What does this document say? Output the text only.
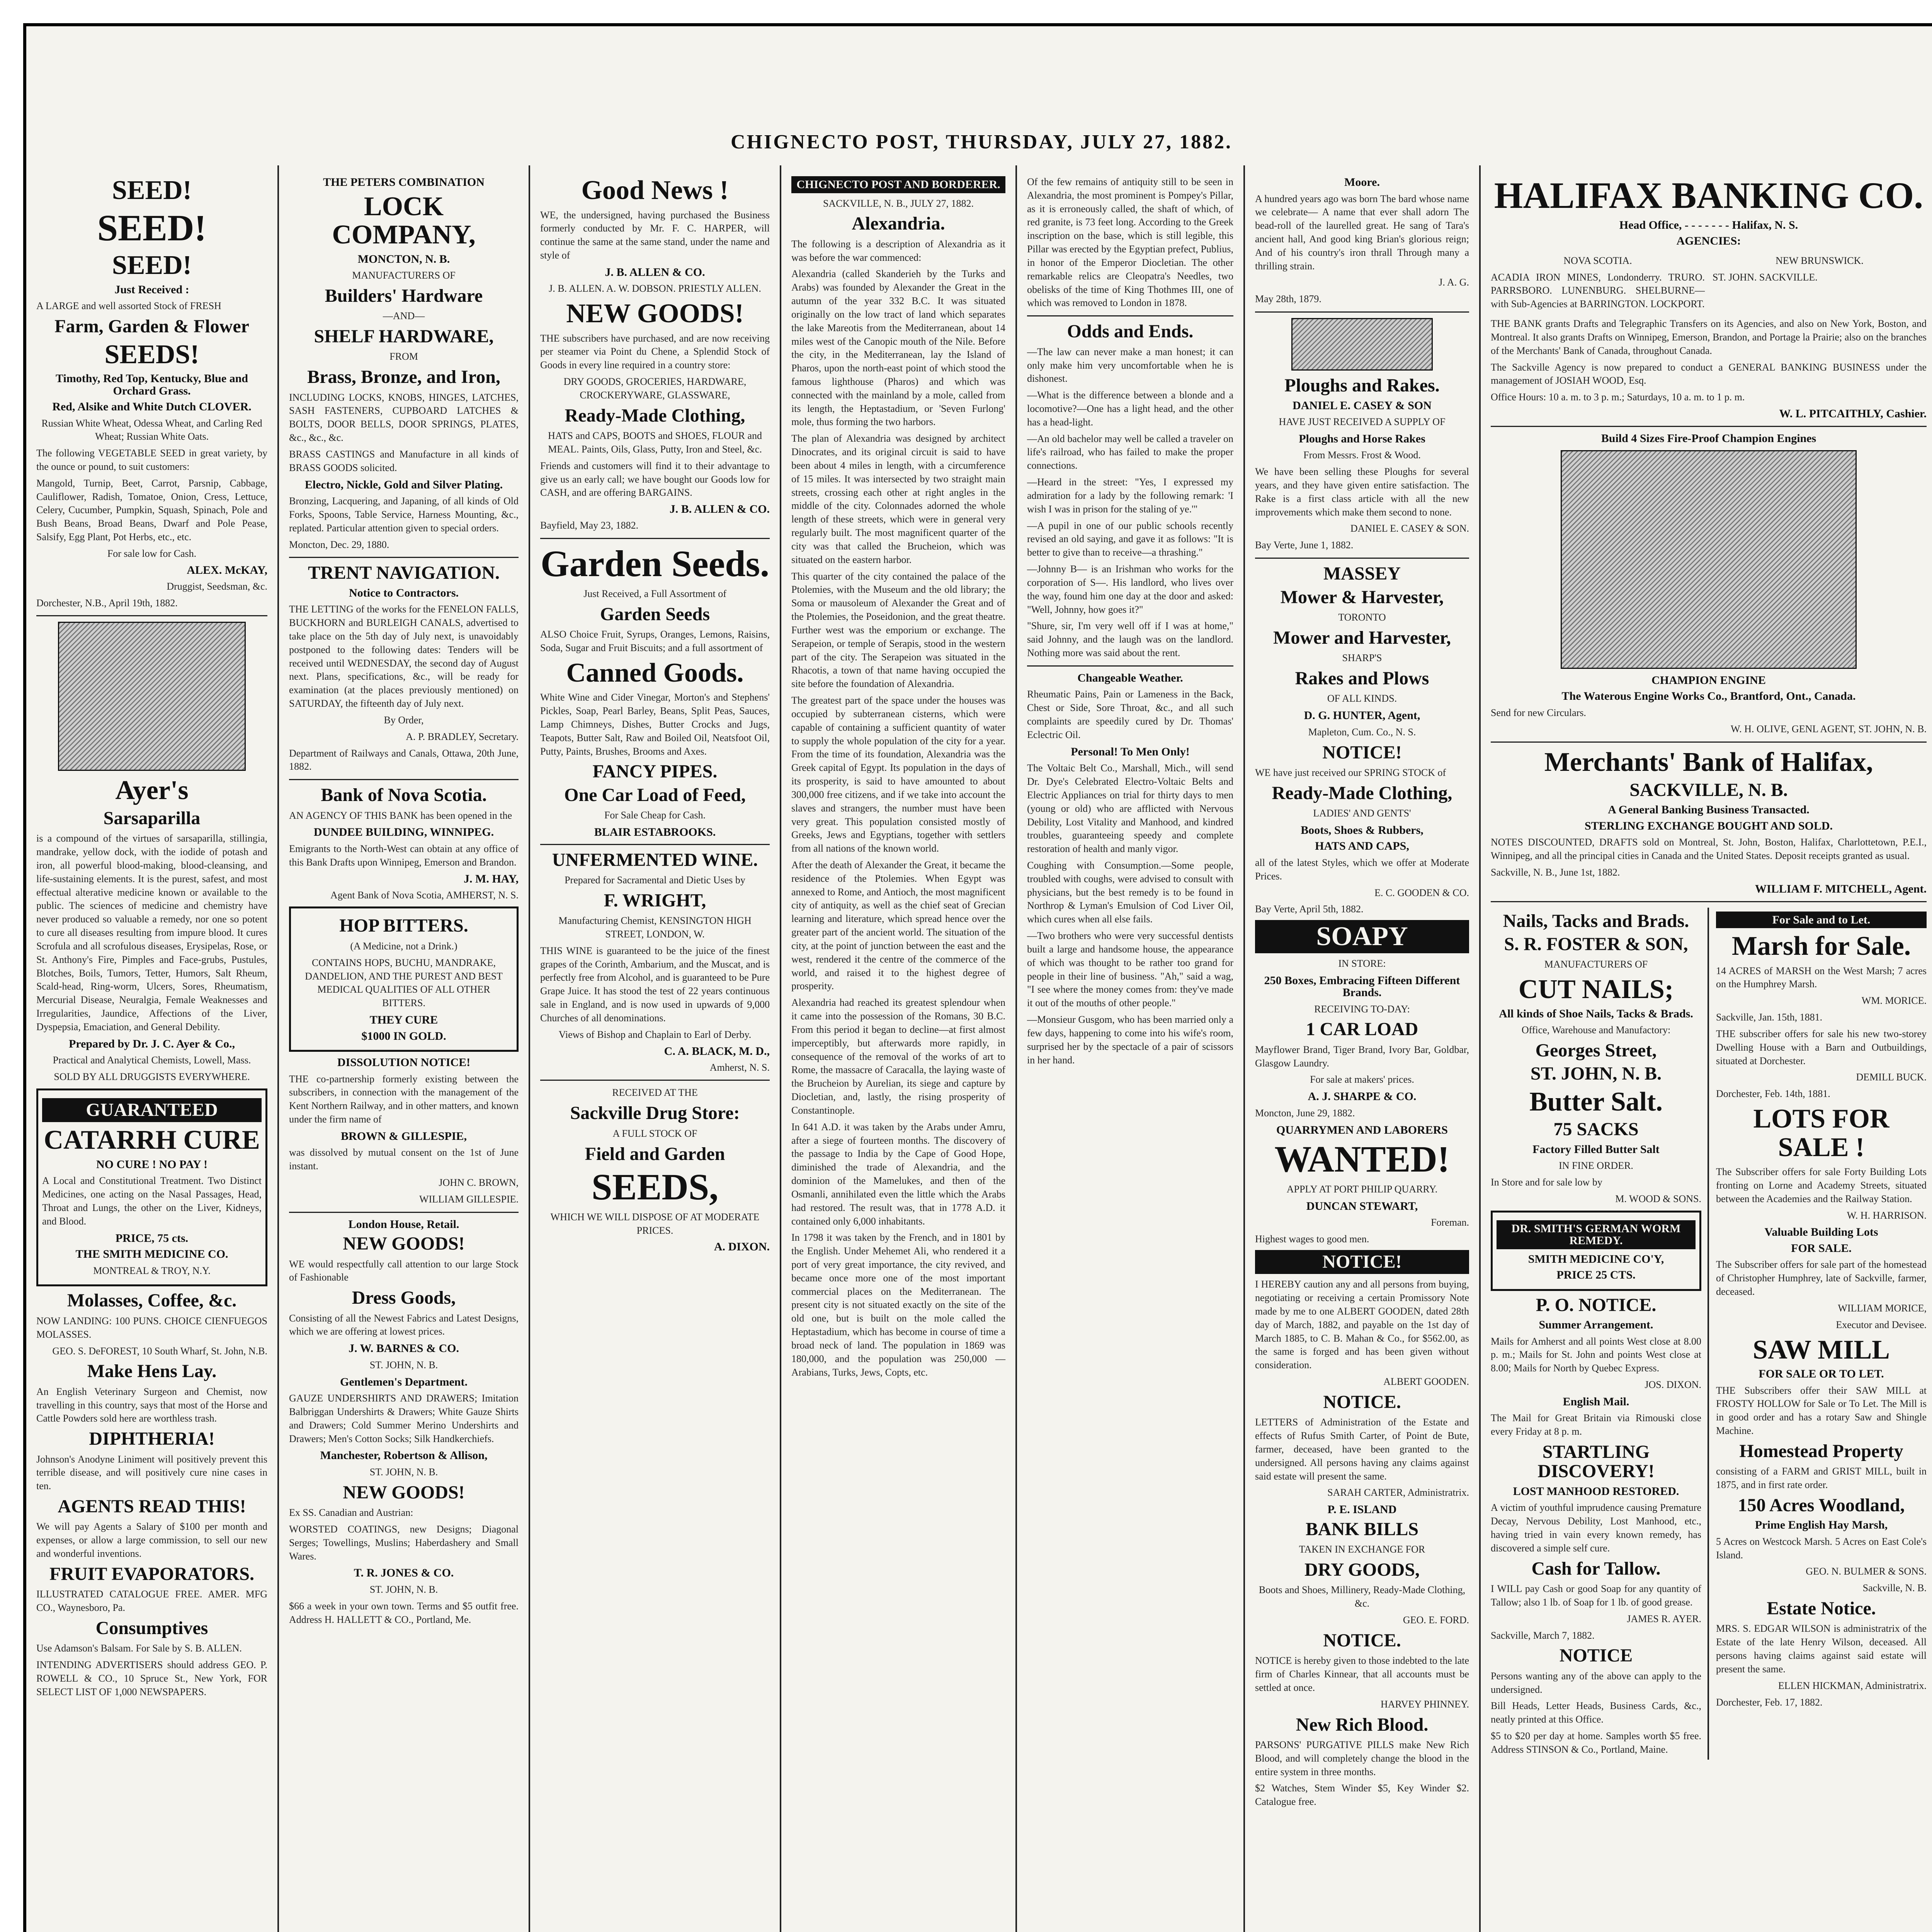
CHIGNECTO POST, THURSDAY, JULY 27, 1882.
SEED!
SEED!
SEED!
Just Received :
A LARGE and well assorted Stock of FRESH
Farm, Garden & Flower
SEEDS!
Timothy, Red Top, Kentucky, Blue and Orchard Grass.
Red, Alsike and White Dutch CLOVER.
Russian White Wheat, Odessa Wheat, and Carling Red Wheat; Russian White Oats.
The following VEGETABLE SEED in great variety, by the ounce or pound, to suit customers:
Mangold, Turnip, Beet, Carrot, Parsnip, Cabbage, Cauliflower, Radish, Tomatoe, Onion, Cress, Lettuce, Celery, Cucumber, Pumpkin, Squash, Spinach, Pole and Bush Beans, Broad Beans, Dwarf and Pole Pease, Salsify, Egg Plant, Pot Herbs, etc., etc.
For sale low for Cash.
ALEX. McKAY,
Druggist, Seedsman, &c.
Dorchester, N.B., April 19th, 1882.
Ayer's
Sarsaparilla
is a compound of the virtues of sarsaparilla, stillingia, mandrake, yellow dock, with the iodide of potash and iron, all powerful blood-making, blood-cleansing, and life-sustaining elements. It is the purest, safest, and most effectual alterative medicine known or available to the public. The sciences of medicine and chemistry have never produced so valuable a remedy, nor one so potent to cure all diseases resulting from impure blood. It cures Scrofula and all scrofulous diseases, Erysipelas, Rose, or St. Anthony's Fire, Pimples and Face-grubs, Pustules, Blotches, Boils, Tumors, Tetter, Humors, Salt Rheum, Scald-head, Ring-worm, Ulcers, Sores, Rheumatism, Mercurial Disease, Neuralgia, Female Weaknesses and Irregularities, Jaundice, Affections of the Liver, Dyspepsia, Emaciation, and General Debility.
Prepared by Dr. J. C. Ayer & Co.,
Practical and Analytical Chemists, Lowell, Mass.
SOLD BY ALL DRUGGISTS EVERYWHERE.
GUARANTEED
CATARRH CURE
NO CURE ! NO PAY !
A Local and Constitutional Treatment. Two Distinct Medicines, one acting on the Nasal Passages, Head, Throat and Lungs, the other on the Liver, Kidneys, and Blood.
PRICE, 75 cts.
THE SMITH MEDICINE CO.
MONTREAL & TROY, N.Y.
Molasses, Coffee, &c.
NOW LANDING: 100 PUNS. CHOICE CIENFUEGOS MOLASSES.
GEO. S. DeFOREST, 10 South Wharf, St. John, N.B.
Make Hens Lay.
An English Veterinary Surgeon and Chemist, now travelling in this country, says that most of the Horse and Cattle Powders sold here are worthless trash.
DIPHTHERIA!
Johnson's Anodyne Liniment will positively prevent this terrible disease, and will positively cure nine cases in ten.
AGENTS READ THIS!
We will pay Agents a Salary of $100 per month and expenses, or allow a large commission, to sell our new and wonderful inventions.
FRUIT EVAPORATORS.
ILLUSTRATED CATALOGUE FREE. AMER. MFG CO., Waynesboro, Pa.
Consumptives
Use Adamson's Balsam. For Sale by S. B. ALLEN.
INTENDING ADVERTISERS should address GEO. P. ROWELL & CO., 10 Spruce St., New York, FOR SELECT LIST OF 1,000 NEWSPAPERS.
THE PETERS COMBINATION
LOCK COMPANY,
MONCTON, N. B.
MANUFACTURERS OF
Builders' Hardware
—AND—
SHELF HARDWARE,
FROM
Brass, Bronze, and Iron,
INCLUDING LOCKS, KNOBS, HINGES, LATCHES, SASH FASTENERS, CUPBOARD LATCHES & BOLTS, DOOR BELLS, DOOR SPRINGS, PLATES, &c., &c., &c.
BRASS CASTINGS and Manufacture in all kinds of BRASS GOODS solicited.
Electro, Nickle, Gold and Silver Plating.
Bronzing, Lacquering, and Japaning, of all kinds of Old Forks, Spoons, Table Service, Harness Mounting, &c., replated. Particular attention given to special orders.
Moncton, Dec. 29, 1880.
TRENT NAVIGATION.
Notice to Contractors.
THE LETTING of the works for the FENELON FALLS, BUCKHORN and BURLEIGH CANALS, advertised to take place on the 5th day of July next, is unavoidably postponed to the following dates: Tenders will be received until WEDNESDAY, the second day of August next. Plans, specifications, &c., will be ready for examination (at the places previously mentioned) on SATURDAY, the fifteenth day of July next.
By Order,
A. P. BRADLEY, Secretary.
Department of Railways and Canals, Ottawa, 20th June, 1882.
Bank of Nova Scotia.
AN AGENCY OF THIS BANK has been opened in the
DUNDEE BUILDING, WINNIPEG.
Emigrants to the North-West can obtain at any office of this Bank Drafts upon Winnipeg, Emerson and Brandon.
J. M. HAY,
Agent Bank of Nova Scotia, AMHERST, N. S.
HOP BITTERS.
(A Medicine, not a Drink.)
CONTAINS HOPS, BUCHU, MANDRAKE, DANDELION, AND THE PUREST AND BEST MEDICAL QUALITIES OF ALL OTHER BITTERS.
THEY CURE
$1000 IN GOLD.
DISSOLUTION NOTICE!
THE co-partnership formerly existing between the subscribers, in connection with the management of the Kent Northern Railway, and in other matters, and known under the firm name of
BROWN & GILLESPIE,
was dissolved by mutual consent on the 1st of June instant.
JOHN C. BROWN,
WILLIAM GILLESPIE.
London House, Retail.
NEW GOODS!
WE would respectfully call attention to our large Stock of Fashionable
Dress Goods,
Consisting of all the Newest Fabrics and Latest Designs, which we are offering at lowest prices.
J. W. BARNES & CO.
ST. JOHN, N. B.
Gentlemen's Department.
GAUZE UNDERSHIRTS AND DRAWERS; Imitation Balbriggan Undershirts & Drawers; White Gauze Shirts and Drawers; Cold Summer Merino Undershirts and Drawers; Men's Cotton Socks; Silk Handkerchiefs.
Manchester, Robertson & Allison,
ST. JOHN, N. B.
NEW GOODS!
Ex SS. Canadian and Austrian:
WORSTED COATINGS, new Designs; Diagonal Serges; Towellings, Muslins; Haberdashery and Small Wares.
T. R. JONES & CO.
ST. JOHN, N. B.
$66 a week in your own town. Terms and $5 outfit free. Address H. HALLETT & CO., Portland, Me.
Good News !
WE, the undersigned, having purchased the Business formerly conducted by Mr. F. C. HARPER, will continue the same at the same stand, under the name and style of
J. B. ALLEN & CO.
J. B. ALLEN. A. W. DOBSON. PRIESTLY ALLEN.
NEW GOODS!
THE subscribers have purchased, and are now receiving per steamer via Point du Chene, a Splendid Stock of Goods in every line required in a country store:
DRY GOODS, GROCERIES, HARDWARE, CROCKERYWARE, GLASSWARE,
Ready-Made Clothing,
HATS and CAPS, BOOTS and SHOES, FLOUR and MEAL. Paints, Oils, Glass, Putty, Iron and Steel, &c.
Friends and customers will find it to their advantage to give us an early call; we have bought our Goods low for CASH, and are offering BARGAINS.
J. B. ALLEN & CO.
Bayfield, May 23, 1882.
Garden Seeds.
Just Received, a Full Assortment of
Garden Seeds
ALSO Choice Fruit, Syrups, Oranges, Lemons, Raisins, Soda, Sugar and Fruit Biscuits; and a full assortment of
Canned Goods.
White Wine and Cider Vinegar, Morton's and Stephens' Pickles, Soap, Pearl Barley, Beans, Split Peas, Sauces, Lamp Chimneys, Dishes, Butter Crocks and Jugs, Teapots, Butter Salt, Raw and Boiled Oil, Neatsfoot Oil, Putty, Paints, Brushes, Brooms and Axes.
FANCY PIPES.
One Car Load of Feed,
For Sale Cheap for Cash.
BLAIR ESTABROOKS.
UNFERMENTED WINE.
Prepared for Sacramental and Dietic Uses by
F. WRIGHT,
Manufacturing Chemist, KENSINGTON HIGH STREET, LONDON, W.
THIS WINE is guaranteed to be the juice of the finest grapes of the Corinth, Ambarium, and the Muscat, and is perfectly free from Alcohol, and is guaranteed to be Pure Grape Juice. It has stood the test of 22 years continuous sale in England, and is now used in upwards of 9,000 Churches of all denominations.
Views of Bishop and Chaplain to Earl of Derby.
C. A. BLACK, M. D.,
Amherst, N. S.
RECEIVED AT THE
Sackville Drug Store:
A FULL STOCK OF
Field and Garden
SEEDS,
WHICH WE WILL DISPOSE OF AT MODERATE PRICES.
A. DIXON.
CHIGNECTO POST AND BORDERER.
SACKVILLE, N. B., JULY 27, 1882.
Alexandria.
The following is a description of Alexandria as it was before the war commenced:
Alexandria (called Skanderieh by the Turks and Arabs) was founded by Alexander the Great in the autumn of the year 332 B.C. It was situated originally on the low tract of land which separates the lake Mareotis from the Mediterranean, about 14 miles west of the Canopic mouth of the Nile. Before the city, in the Mediterranean, lay the Island of Pharos, upon the north-east point of which stood the famous lighthouse (Pharos) and which was connected with the mainland by a mole, called from its length, the Heptastadium, or 'Seven Furlong' mole, thus forming the two harbors.
The plan of Alexandria was designed by architect Dinocrates, and its original circuit is said to have been about 4 miles in length, with a circumference of 15 miles. It was intersected by two straight main streets, crossing each other at right angles in the middle of the city. Colonnades adorned the whole length of these streets, which were in general very regularly built. The most magnificent quarter of the city was that called the Brucheion, which was situated on the eastern harbor.
This quarter of the city contained the palace of the Ptolemies, with the Museum and the old library; the Soma or mausoleum of Alexander the Great and of the Ptolemies, the Poseidonion, and the great theatre. Further west was the emporium or exchange. The Serapeion, or temple of Serapis, stood in the western part of the city. The Serapeion was situated in the Rhacotis, a town of that name having occupied the site before the foundation of Alexandria.
The greatest part of the space under the houses was occupied by subterranean cisterns, which were capable of containing a sufficient quantity of water to supply the whole population of the city for a year. From the time of its foundation, Alexandria was the Greek capital of Egypt. Its population in the days of its prosperity, is said to have amounted to about 300,000 free citizens, and if we take into account the slaves and strangers, the number must have been very great. This population consisted mostly of Greeks, Jews and Egyptians, together with settlers from all nations of the known world.
After the death of Alexander the Great, it became the residence of the Ptolemies. When Egypt was annexed to Rome, and Antioch, the most magnificent city of antiquity, as well as the chief seat of Grecian learning and literature, which spread hence over the greater part of the ancient world. The situation of the city, at the point of junction between the east and the west, rendered it the centre of the commerce of the world, and raised it to the highest degree of prosperity.
Alexandria had reached its greatest splendour when it came into the possession of the Romans, 30 B.C. From this period it began to decline—at first almost imperceptibly, but afterwards more rapidly, in consequence of the removal of the works of art to Rome, the massacre of Caracalla, the laying waste of the Brucheion by Aurelian, its siege and capture by Diocletian, and, lastly, the rising prosperity of Constantinople.
In 641 A.D. it was taken by the Arabs under Amru, after a siege of fourteen months. The discovery of the passage to India by the Cape of Good Hope, diminished the trade of Alexandria, and the dominion of the Mamelukes, and then of the Osmanli, annihilated even the little which the Arabs had restored. The result was, that in 1778 A.D. it contained only 6,000 inhabitants.
In 1798 it was taken by the French, and in 1801 by the English. Under Mehemet Ali, who rendered it a port of very great importance, the city revived, and became once more one of the most important commercial places on the Mediterranean. The present city is not situated exactly on the site of the old one, but is built on the mole called the Heptastadium, which has become in course of time a broad neck of land. The population in 1869 was 180,000, and the population was 250,000 — Arabians, Turks, Jews, Copts, etc.
Of the few remains of antiquity still to be seen in Alexandria, the most prominent is Pompey's Pillar, as it is erroneously called, the shaft of which, of red granite, is 73 feet long. According to the Greek inscription on the base, which is still legible, this Pillar was erected by the Egyptian prefect, Publius, in honor of the Emperor Diocletian. The other remarkable relics are Cleopatra's Needles, two obelisks of the time of King Thothmes III, one of which was removed to London in 1878.
Odds and Ends.
—The law can never make a man honest; it can only make him very uncomfortable when he is dishonest.
—What is the difference between a blonde and a locomotive?—One has a light head, and the other has a head-light.
—An old bachelor may well be called a traveler on life's railroad, who has failed to make the proper connections.
—Heard in the street: "Yes, I expressed my admiration for a lady by the following remark: 'I wish I was in prison for the staling of ye.'"
—A pupil in one of our public schools recently revised an old saying, and gave it as follows: "It is better to give than to receive—a thrashing."
—Johnny B— is an Irishman who works for the corporation of S—. His landlord, who lives over the way, found him one day at the door and asked: "Well, Johnny, how goes it?"
"Shure, sir, I'm very well off if I was at home," said Johnny, and the laugh was on the landlord. Nothing more was said about the rent.
Changeable Weather.
Rheumatic Pains, Pain or Lameness in the Back, Chest or Side, Sore Throat, &c., and all such complaints are speedily cured by Dr. Thomas' Eclectric Oil.
Personal! To Men Only!
The Voltaic Belt Co., Marshall, Mich., will send Dr. Dye's Celebrated Electro-Voltaic Belts and Electric Appliances on trial for thirty days to men (young or old) who are afflicted with Nervous Debility, Lost Vitality and Manhood, and kindred troubles, guaranteeing speedy and complete restoration of health and manly vigor.
Coughing with Consumption.—Some people, troubled with coughs, were advised to consult with physicians, but the best remedy is to be found in Northrop & Lyman's Emulsion of Cod Liver Oil, which cures when all else fails.
—Two brothers who were very successful dentists built a large and handsome house, the appearance of which was thought to be rather too grand for people in their line of business. "Ah," said a wag, "I see where the money comes from: they've made it out of the mouths of other people."
—Monsieur Gusgom, who has been married only a few days, happening to come into his wife's room, surprised her by the spectacle of a pair of scissors in her hand.
Moore.
A hundred years ago was born The bard whose name we celebrate— A name that ever shall adorn The bead-roll of the laurelled great. He sang of Tara's ancient hall, And good king Brian's glorious reign; And of his country's iron thrall Through many a thrilling strain.
J. A. G.
May 28th, 1879.
Ploughs and Rakes.
DANIEL E. CASEY & SON
HAVE JUST RECEIVED A SUPPLY OF
Ploughs and Horse Rakes
From Messrs. Frost & Wood.
We have been selling these Ploughs for several years, and they have given entire satisfaction. The Rake is a first class article with all the new improvements which make them second to none.
DANIEL E. CASEY & SON.
Bay Verte, June 1, 1882.
MASSEY
Mower & Harvester,
TORONTO
Mower and Harvester,
SHARP'S
Rakes and Plows
OF ALL KINDS.
D. G. HUNTER, Agent,
Mapleton, Cum. Co., N. S.
NOTICE!
WE have just received our SPRING STOCK of
Ready-Made Clothing,
LADIES' AND GENTS'
Boots, Shoes & Rubbers,
HATS AND CAPS,
all of the latest Styles, which we offer at Moderate Prices.
E. C. GOODEN & CO.
Bay Verte, April 5th, 1882.
SOAPY
IN STORE:
250 Boxes, Embracing Fifteen Different Brands.
RECEIVING TO-DAY:
1 CAR LOAD
Mayflower Brand, Tiger Brand, Ivory Bar, Goldbar, Glasgow Laundry.
For sale at makers' prices.
A. J. SHARPE & CO.
Moncton, June 29, 1882.
QUARRYMEN AND LABORERS
WANTED!
APPLY AT PORT PHILIP QUARRY.
DUNCAN STEWART,
Foreman.
Highest wages to good men.
NOTICE!
I HEREBY caution any and all persons from buying, negotiating or receiving a certain Promissory Note made by me to one ALBERT GOODEN, dated 28th day of March, 1882, and payable on the 1st day of March 1885, to C. B. Mahan & Co., for $562.00, as the same is forged and has been given without consideration.
ALBERT GOODEN.
NOTICE.
LETTERS of Administration of the Estate and effects of Rufus Smith Carter, of Point de Bute, farmer, deceased, have been granted to the undersigned. All persons having any claims against said estate will present the same.
SARAH CARTER, Administratrix.
P. E. ISLAND
BANK BILLS
TAKEN IN EXCHANGE FOR
DRY GOODS,
Boots and Shoes, Millinery, Ready-Made Clothing, &c.
GEO. E. FORD.
NOTICE.
NOTICE is hereby given to those indebted to the late firm of Charles Kinnear, that all accounts must be settled at once.
HARVEY PHINNEY.
New Rich Blood.
PARSONS' PURGATIVE PILLS make New Rich Blood, and will completely change the blood in the entire system in three months.
$2 Watches, Stem Winder $5, Key Winder $2. Catalogue free.
HALIFAX BANKING CO.
Head Office, - - - - - - - Halifax, N. S.
AGENCIES:
NOVA SCOTIA.
ACADIA IRON MINES, Londonderry. TRURO. PARRSBORO. LUNENBURG. SHELBURNE—with Sub-Agencies at BARRINGTON. LOCKPORT.
NEW BRUNSWICK.
ST. JOHN. SACKVILLE.
THE BANK grants Drafts and Telegraphic Transfers on its Agencies, and also on New York, Boston, and Montreal. It also grants Drafts on Winnipeg, Emerson, Brandon, and Portage la Prairie; also on the branches of the Merchants' Bank of Canada, throughout Canada.
The Sackville Agency is now prepared to conduct a GENERAL BANKING BUSINESS under the management of JOSIAH WOOD, Esq.
Office Hours: 10 a. m. to 3 p. m.; Saturdays, 10 a. m. to 1 p. m.
W. L. PITCAITHLY, Cashier.
Build 4 Sizes Fire-Proof Champion Engines
CHAMPION ENGINE
The Waterous Engine Works Co., Brantford, Ont., Canada.
Send for new Circulars.
W. H. OLIVE, GENL AGENT, ST. JOHN, N. B.
Merchants' Bank of Halifax,
SACKVILLE, N. B.
A General Banking Business Transacted.
STERLING EXCHANGE BOUGHT AND SOLD.
NOTES DISCOUNTED, DRAFTS sold on Montreal, St. John, Boston, Halifax, Charlottetown, P.E.I., Winnipeg, and all the principal cities in Canada and the United States. Deposit receipts granted as usual.
Sackville, N. B., June 1st, 1882.
WILLIAM F. MITCHELL, Agent.
Nails, Tacks and Brads.
S. R. FOSTER & SON,
MANUFACTURERS OF
CUT NAILS;
All kinds of Shoe Nails, Tacks & Brads.
Office, Warehouse and Manufactory:
Georges Street,
ST. JOHN, N. B.
Butter Salt.
75 SACKS
Factory Filled Butter Salt
IN FINE ORDER.
In Store and for sale low by
M. WOOD & SONS.
DR. SMITH'S GERMAN WORM REMEDY.
SMITH MEDICINE CO'Y,
PRICE 25 CTS.
P. O. NOTICE.
Summer Arrangement.
Mails for Amherst and all points West close at 8.00 p. m.; Mails for St. John and points West close at 8.00; Mails for North by Quebec Express.
JOS. DIXON.
English Mail.
The Mail for Great Britain via Rimouski close every Friday at 8 p. m.
STARTLING DISCOVERY!
LOST MANHOOD RESTORED.
A victim of youthful imprudence causing Premature Decay, Nervous Debility, Lost Manhood, etc., having tried in vain every known remedy, has discovered a simple self cure.
Cash for Tallow.
I WILL pay Cash or good Soap for any quantity of Tallow; also 1 lb. of Soap for 1 lb. of good grease.
JAMES R. AYER.
Sackville, March 7, 1882.
NOTICE
Persons wanting any of the above can apply to the undersigned.
Bill Heads, Letter Heads, Business Cards, &c., neatly printed at this Office.
$5 to $20 per day at home. Samples worth $5 free. Address STINSON & Co., Portland, Maine.
For Sale and to Let.
Marsh for Sale.
14 ACRES of MARSH on the West Marsh; 7 acres on the Humphrey Marsh.
WM. MORICE.
Sackville, Jan. 15th, 1881.
THE subscriber offers for sale his new two-storey Dwelling House with a Barn and Outbuildings, situated at Dorchester.
DEMILL BUCK.
Dorchester, Feb. 14th, 1881.
LOTS FOR SALE !
The Subscriber offers for sale Forty Building Lots fronting on Lorne and Academy Streets, situated between the Academies and the Railway Station.
W. H. HARRISON.
Valuable Building Lots
FOR SALE.
The Subscriber offers for sale part of the homestead of Christopher Humphrey, late of Sackville, farmer, deceased.
WILLIAM MORICE,
Executor and Devisee.
SAW MILL
FOR SALE OR TO LET.
THE Subscribers offer their SAW MILL at FROSTY HOLLOW for Sale or To Let. The Mill is in good order and has a rotary Saw and Shingle Machine.
Homestead Property
consisting of a FARM and GRIST MILL, built in 1875, and in first rate order.
150 Acres Woodland,
Prime English Hay Marsh,
5 Acres on Westcock Marsh. 5 Acres on East Cole's Island.
GEO. N. BULMER & SONS.
Sackville, N. B.
Estate Notice.
MRS. S. EDGAR WILSON is administratrix of the Estate of the late Henry Wilson, deceased. All persons having claims against said estate will present the same.
ELLEN HICKMAN, Administratrix.
Dorchester, Feb. 17, 1882.
